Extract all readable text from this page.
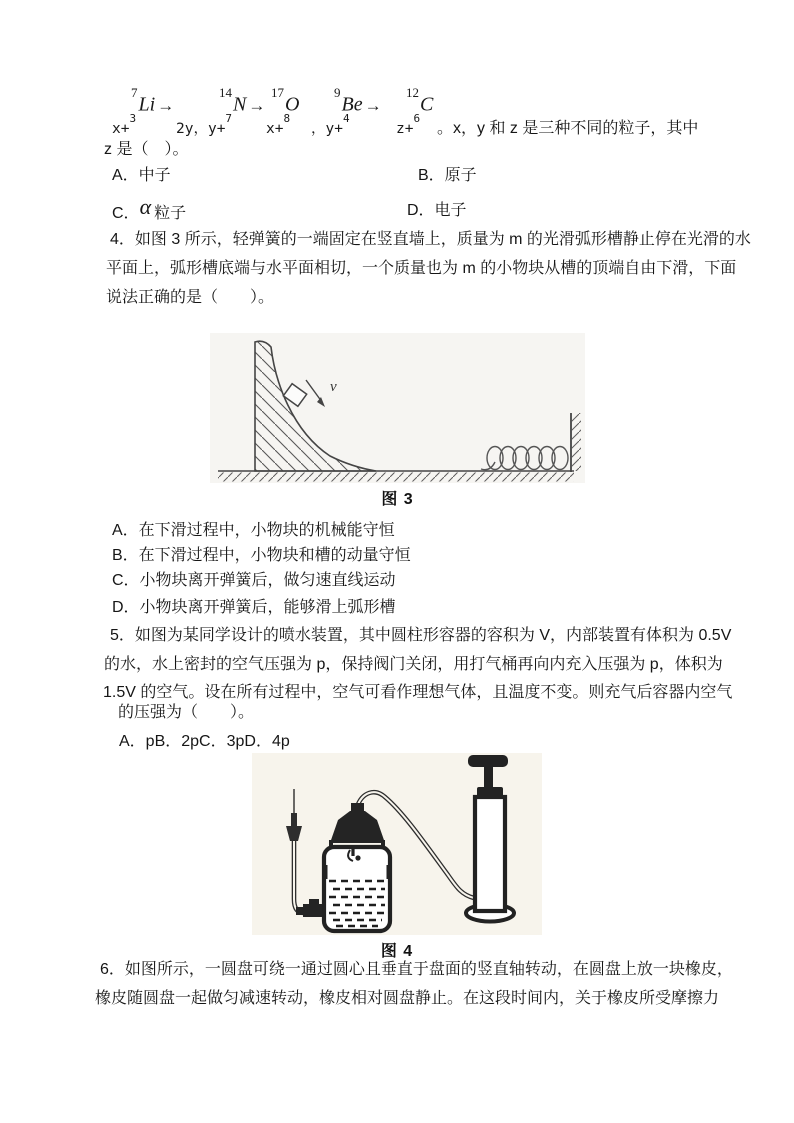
$^7$Li →
$^{14}$N →
$^{17}$O
$^9$Be →
$^{12}$C
x+$^3$
2y，y+$^7$
x+$^8$
，y+$^4$
z+$^6$
。x，y 和 z 是三种不同的粒子，其中
z 是（　）。
A．中子	B．原子
C．α 粒子	D．电子
4．如图 3 所示，轻弹簧的一端固定在竖直墙上，质量为 m 的光滑弧形槽静止停在光滑的水
平面上，弧形槽底端与水平面相切，一个质量也为 m 的小物块从槽的顶端自由下滑，下面
说法正确的是（　　）。
v
图 3
A．在下滑过程中，小物块的机械能守恒
B．在下滑过程中，小物块和槽的动量守恒
C．小物块离开弹簧后，做匀速直线运动
D．小物块离开弹簧后，能够滑上弧形槽
5．如图为某同学设计的喷水装置，其中圆柱形容器的容积为 V，内部装置有体积为 0.5V
的水，水上密封的空气压强为 p，保持阀门关闭，用打气桶再向内充入压强为 p，体积为
1.5V 的空气。设在所有过程中，空气可看作理想气体，且温度不变。则充气后容器内空气
的压强为（　　）。
A．pB．2pC．3pD．4p
图 4
6．如图所示，一圆盘可绕一通过圆心且垂直于盘面的竖直轴转动，在圆盘上放一块橡皮，
橡皮随圆盘一起做匀减速转动，橡皮相对圆盘静止。在这段时间内，关于橡皮所受摩擦力
